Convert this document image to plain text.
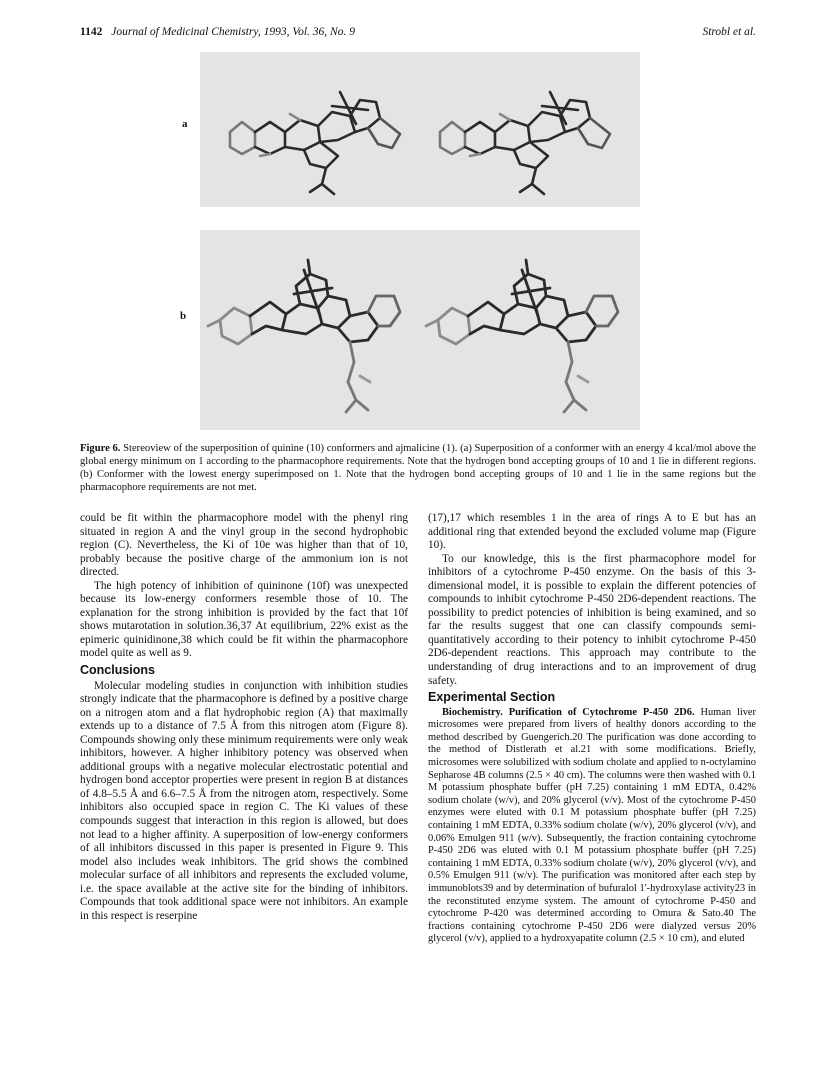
1142 Journal of Medicinal Chemistry, 1993, Vol. 36, No. 9	Strobl et al.
a
b
Figure 6. Stereoview of the superposition of quinine (10) conformers and ajmalicine (1). (a) Superposition of a conformer with an energy 4 kcal/mol above the global energy minimum on 1 according to the pharmacophore requirements. Note that the hydrogen bond accepting groups of 10 and 1 lie in different regions. (b) Conformer with the lowest energy superimposed on 1. Note that the hydrogen bond accepting groups of 10 and 1 lie in the same regions but the pharmacophore requirements are not met.

could be fit within the pharmacophore model with the phenyl ring situated in region A and the vinyl group in the second hydrophobic region (C). Nevertheless, the Ki of 10e was higher than that of 10, probably because the positive charge of the ammonium ion is not directed.

The high potency of inhibition of quininone (10f) was unexpected because its low-energy conformers resemble those of 10. The explanation for the strong inhibition is provided by the fact that 10f shows mutarotation in solution.36,37 At equilibrium, 22% exist as the epimeric quinidinone,38 which could be fit within the pharmacophore model quite as well as 9.

Conclusions

Molecular modeling studies in conjunction with inhibition studies strongly indicate that the pharmacophore is defined by a positive charge on a nitrogen atom and a flat hydrophobic region (A) that maximally extends up to a distance of 7.5 Å from this nitrogen atom (Figure 8). Compounds showing only these minimum requirements were only weak inhibitors, however. A higher inhibitory potency was observed when additional groups with a negative molecular electrostatic potential and hydrogen bond acceptor properties were present in region B at distances of 4.8–5.5 Å and 6.6–7.5 Å from the nitrogen atom, respectively. Some inhibitors also occupied space in region C. The Ki values of these compounds suggest that interaction in this region is allowed, but does not lead to a higher affinity. A superposition of low-energy conformers of all inhibitors discussed in this paper is presented in Figure 9. This model also includes weak inhibitors. The grid shows the combined molecular surface of all inhibitors and represents the excluded volume, i.e. the space available at the active site for the binding of inhibitors. Compounds that took additional space were not inhibitors. An example in this respect is reserpine

(17),17 which resembles 1 in the area of rings A to E but has an additional ring that extended beyond the excluded volume map (Figure 10).

To our knowledge, this is the first pharmacophore model for inhibitors of a cytochrome P-450 enzyme. On the basis of this 3-dimensional model, it is possible to explain the different potencies of compounds to inhibit cytochrome P-450 2D6-dependent reactions. The possibility to predict potencies of inhibition is being examined, and so far the results suggest that one can classify compounds semi-quantitatively according to their potency to inhibit cytochrome P-450 2D6-dependent reactions. This approach may contribute to the understanding of drug interactions and to an improvement of drug safety.

Experimental Section

Biochemistry. Purification of Cytochrome P-450 2D6. Human liver microsomes were prepared from livers of healthy donors according to the method described by Guengerich.20 The purification was done according to the method of Distlerath et al.21 with some modifications. Briefly, microsomes were solubilized with sodium cholate and applied to n-octylamino Sepharose 4B columns (2.5 × 40 cm). The columns were then washed with 0.1 M potassium phosphate buffer (pH 7.25) containing 1 mM EDTA, 0.42% sodium cholate (w/v), and 20% glycerol (v/v). Most of the cytochrome P-450 enzymes were eluted with 0.1 M potassium phosphate buffer (pH 7.25) containing 1 mM EDTA, 0.33% sodium cholate (w/v), 20% glycerol (v/v), and 0.06% Emulgen 911 (w/v). Subsequently, the fraction containing cytochrome P-450 2D6 was eluted with 0.1 M potassium phosphate buffer (pH 7.25) containing 1 mM EDTA, 0.33% sodium cholate (w/v), 20% glycerol (v/v), and 0.5% Emulgen 911 (w/v). The purification was monitored after each step by immunoblots39 and by determination of bufuralol 1'-hydroxylase activity23 in the reconstituted enzyme system. The amount of cytochrome P-450 and cytochrome P-420 was determined according to Omura & Sato.40 The fractions containing cytochrome P-450 2D6 were dialyzed versus 20% glycerol (v/v), applied to a hydroxyapatite column (2.5 × 10 cm), and eluted
